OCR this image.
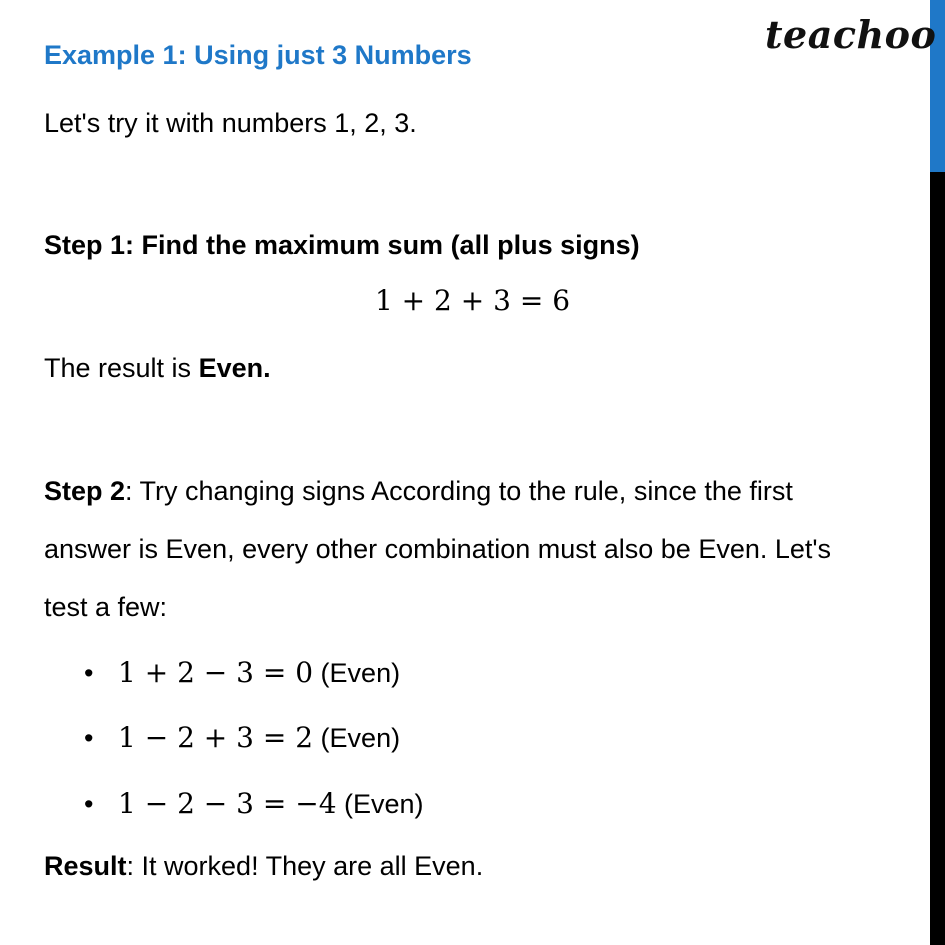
teachoo
Example 1: Using just 3 Numbers
Let's try it with numbers 1, 2, 3.
Step 1: Find the maximum sum (all plus signs)
1 + 2 + 3 = 6
The result is Even.
Step 2: Try changing signs According to the rule, since the first
answer is Even, every other combination must also be Even. Let's
test a few:
• 1 + 2 − 3 = 0 (Even)
• 1 − 2 + 3 = 2 (Even)
• 1 − 2 − 3 = −4 (Even)
Result: It worked! They are all Even.
